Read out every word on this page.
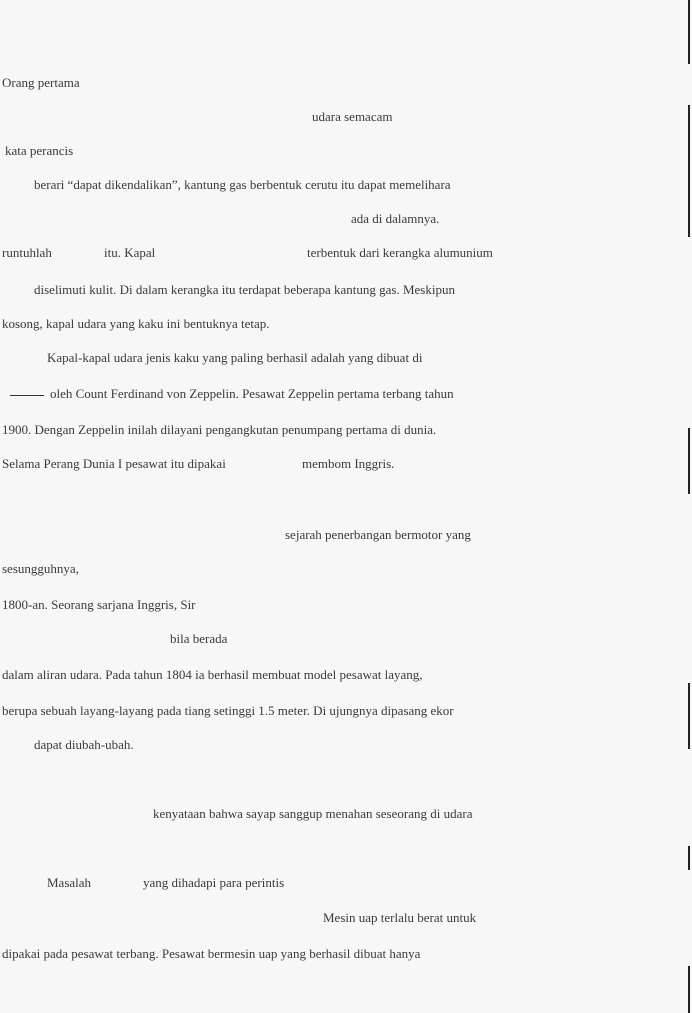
Orang pertama
udara semacam
kata perancis
berari “dapat dikendalikan”, kantung gas berbentuk cerutu itu dapat memelihara
ada di dalamnya.
runtuhlah	itu. Kapal	terbentuk dari kerangka alumunium
diselimuti kulit. Di dalam kerangka itu terdapat beberapa kantung gas. Meskipun
kosong, kapal udara yang kaku ini bentuknya tetap.
Kapal-kapal udara jenis kaku yang paling berhasil adalah yang dibuat di
oleh Count Ferdinand von Zeppelin. Pesawat Zeppelin pertama terbang tahun
1900. Dengan Zeppelin inilah dilayani pengangkutan penumpang pertama di dunia.
Selama Perang Dunia I pesawat itu dipakai	membom Inggris.
sejarah penerbangan bermotor yang
sesungguhnya,
1800-an. Seorang sarjana Inggris, Sir
bila berada
dalam aliran udara. Pada tahun 1804 ia berhasil membuat model pesawat layang,
berupa sebuah layang-layang pada tiang setinggi 1.5 meter. Di ujungnya dipasang ekor
dapat diubah-ubah.
kenyataan bahwa sayap sanggup menahan seseorang di udara
Masalah	yang dihadapi para perintis
Mesin uap terlalu berat untuk
dipakai pada pesawat terbang. Pesawat bermesin uap yang berhasil dibuat hanya
